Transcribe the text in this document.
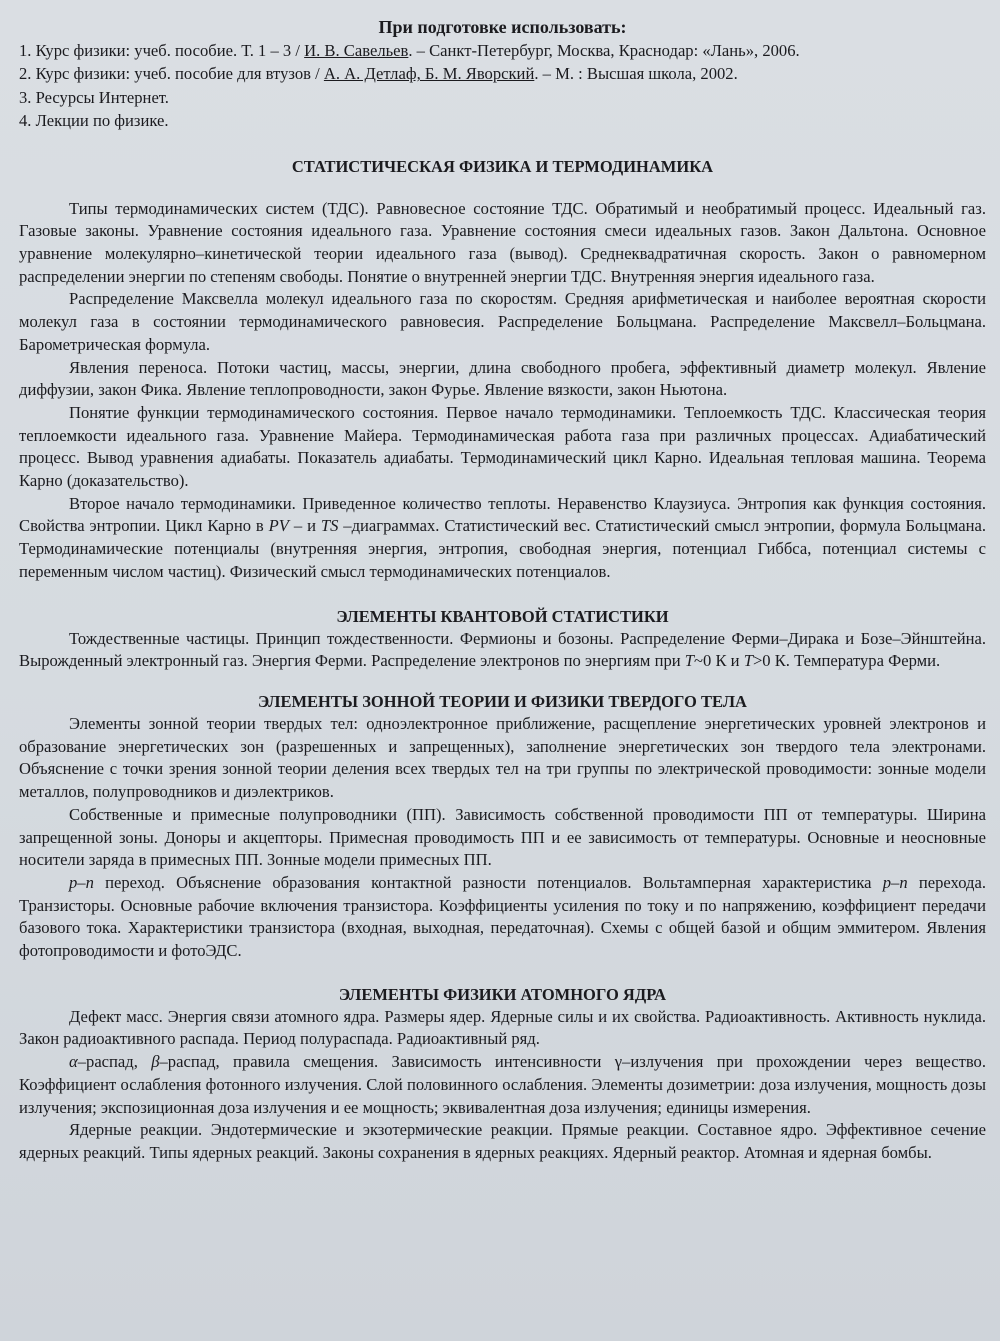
При подготовке использовать:
1. Курс физики: учеб. пособие. Т. 1 – 3 / И. В. Савельев. – Санкт-Петербург, Москва, Краснодар: «Лань», 2006.
2. Курс физики: учеб. пособие для втузов / А. А. Детлаф, Б. М. Яворский. – М. : Высшая школа, 2002.
3. Ресурсы Интернет.
4. Лекции по физике.
СТАТИСТИЧЕСКАЯ ФИЗИКА И ТЕРМОДИНАМИКА

Типы термодинамических систем (ТДС). Равновесное состояние ТДС. Обратимый и необратимый процесс. Идеальный газ. Газовые законы. Уравнение состояния идеального газа. Уравнение состояния смеси идеальных газов. Закон Дальтона. Основное уравнение молекулярно–кинетической теории идеального газа (вывод). Среднеквадратичная скорость. Закон о равномерном распределении энергии по степеням свободы. Понятие о внутренней энергии ТДС. Внутренняя энергия идеального газа.

Распределение Максвелла молекул идеального газа по скоростям. Средняя арифметическая и наиболее вероятная скорости молекул газа в состоянии термодинамического равновесия. Распределение Больцмана. Распределение Максвелл–Больцмана. Барометрическая формула.

Явления переноса. Потоки частиц, массы, энергии, длина свободного пробега, эффективный диаметр молекул. Явление диффузии, закон Фика. Явление теплопроводности, закон Фурье. Явление вязкости, закон Ньютона.

Понятие функции термодинамического состояния. Первое начало термодинамики. Теплоемкость ТДС. Классическая теория теплоемкости идеального газа. Уравнение Майера. Термодинамическая работа газа при различных процессах. Адиабатический процесс. Вывод уравнения адиабаты. Показатель адиабаты. Термодинамический цикл Карно. Идеальная тепловая машина. Теорема Карно (доказательство).

Второе начало термодинамики. Приведенное количество теплоты. Неравенство Клаузиуса. Энтропия как функция состояния. Свойства энтропии. Цикл Карно в PV – и TS –диаграммах. Статистический вес. Статистический смысл энтропии, формула Больцмана. Термодинамические потенциалы (внутренняя энергия, энтропия, свободная энергия, потенциал Гиббса, потенциал системы с переменным числом частиц). Физический смысл термодинамических потенциалов.

ЭЛЕМЕНТЫ КВАНТОВОЙ СТАТИСТИКИ

Тождественные частицы. Принцип тождественности. Фермионы и бозоны. Распределение Ферми–Дирака и Бозе–Эйнштейна. Вырожденный электронный газ. Энергия Ферми. Распределение электронов по энергиям при T~0 К и T>0 К. Температура Ферми.

ЭЛЕМЕНТЫ ЗОННОЙ ТЕОРИИ И ФИЗИКИ ТВЕРДОГО ТЕЛА

Элементы зонной теории твердых тел: одноэлектронное приближение, расщепление энергетических уровней электронов и образование энергетических зон (разрешенных и запрещенных), заполнение энергетических зон твердого тела электронами. Объяснение с точки зрения зонной теории деления всех твердых тел на три группы по электрической проводимости: зонные модели металлов, полупроводников и диэлектриков.

Собственные и примесные полупроводники (ПП). Зависимость собственной проводимости ПП от температуры. Ширина запрещенной зоны. Доноры и акцепторы. Примесная проводимость ПП и ее зависимость от температуры. Основные и неосновные носители заряда в примесных ПП. Зонные модели примесных ПП.

p–n переход. Объяснение образования контактной разности потенциалов. Вольтамперная характеристика p–n перехода. Транзисторы. Основные рабочие включения транзистора. Коэффициенты усиления по току и по напряжению, коэффициент передачи базового тока. Характеристики транзистора (входная, выходная, передаточная). Схемы с общей базой и общим эммитером. Явления фотопроводимости и фотоЭДС.

ЭЛЕМЕНТЫ ФИЗИКИ АТОМНОГО ЯДРА

Дефект масс. Энергия связи атомного ядра. Размеры ядер. Ядерные силы и их свойства. Радиоактивность. Активность нуклида. Закон радиоактивного распада. Период полураспада. Радиоактивный ряд.

α–распад, β–распад, правила смещения. Зависимость интенсивности γ–излучения при прохождении через вещество. Коэффициент ослабления фотонного излучения. Слой половинного ослабления. Элементы дозиметрии: доза излучения, мощность дозы излучения; экспозиционная доза излучения и ее мощность; эквивалентная доза излучения; единицы измерения.

Ядерные реакции. Эндотермические и экзотермические реакции. Прямые реакции. Составное ядро. Эффективное сечение ядерных реакций. Типы ядерных реакций. Законы сохранения в ядерных реакциях. Ядерный реактор. Атомная и ядерная бомбы.
